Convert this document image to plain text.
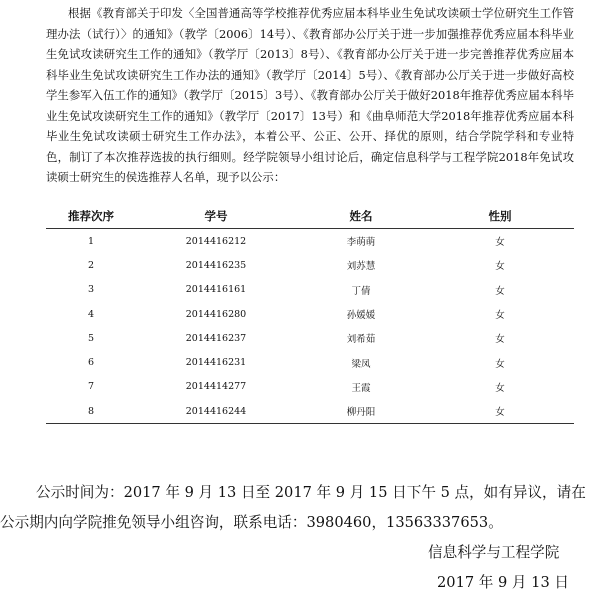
根据《教育部关于印发〈全国普通高等学校推荐优秀应届本科毕业生免试攻读硕士学位研究生工作管理办法（试行）〉的通知》（教学〔2006〕14号）、《教育部办公厅关于进一步加强推荐优秀应届本科毕业生免试攻读研究生工作的通知》（教学厅〔2013〕8号）、《教育部办公厅关于进一步完善推荐优秀应届本科毕业生免试攻读研究生工作办法的通知》（教学厅〔2014〕5号）、《教育部办公厅关于进一步做好高校学生参军入伍工作的通知》（教学厅〔2015〕3号）、《教育部办公厅关于做好2018年推荐优秀应届本科毕业生免试攻读研究生工作的通知》（教学厅〔2017〕13号）和《曲阜师范大学2018年推荐优秀应届本科毕业生免试攻读硕士研究生工作办法》，本着公平、公正、公开、择优的原则，结合学院学科和专业特色，制订了本次推荐选拔的执行细则。经学院领导小组讨论后，确定信息科学与工程学院2018年免试攻读硕士研究生的侯选推荐人名单，现予以公示：

推荐次序	学号	姓名	性别
1	2014416212	李萌萌	女
2	2014416235	刘苏慧	女
3	2014416161	丁倩	女
4	2014416280	孙媛媛	女
5	2014416237	刘希茹	女
6	2014416231	梁凤	女
7	2014414277	王霞	女
8	2014416244	柳丹阳	女
公示时间为：2017 年 9 月 13 日至 2017 年 9 月 15 日下午 5 点，如有异议，请在
公示期内向学院推免领导小组咨询，联系电话：3980460，13563337653。
信息科学与工程学院
2017 年 9 月 13 日
